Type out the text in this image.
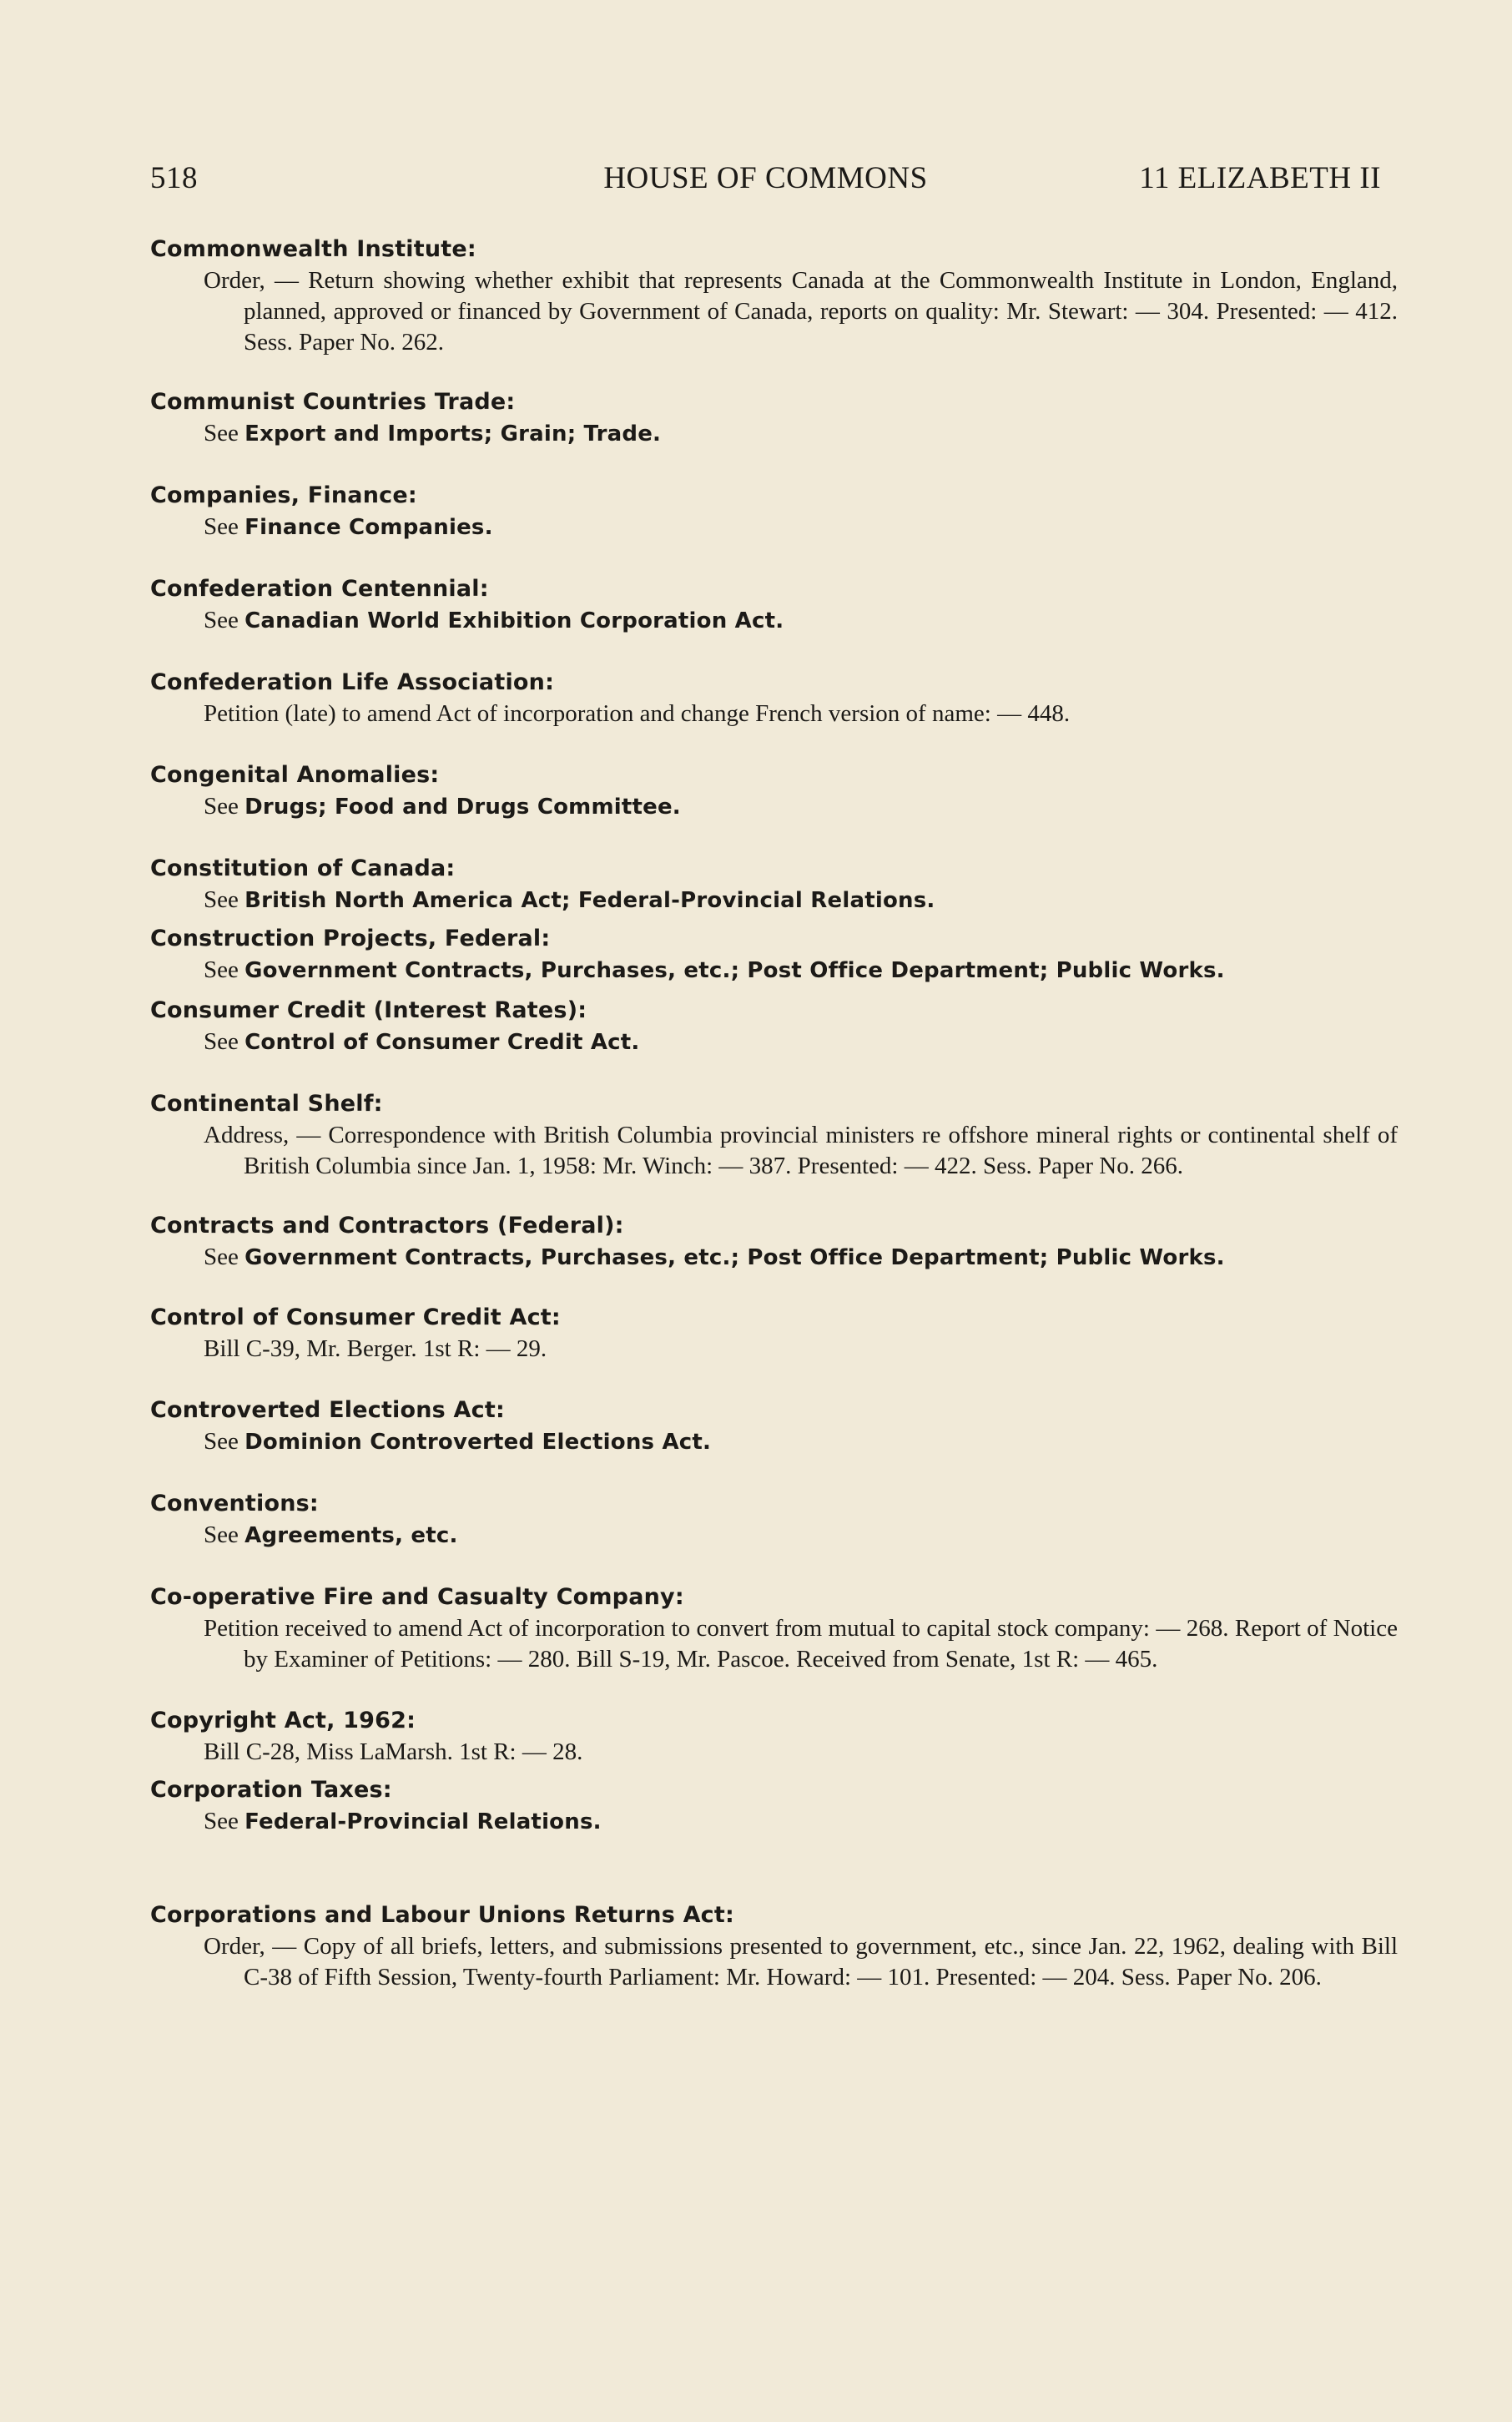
518	HOUSE OF COMMONS	11 ELIZABETH II
Commonwealth Institute:
Order, — Return showing whether exhibit that represents Canada at the Commonwealth Institute in London, England, planned, approved or financed by Government of Canada, reports on quality: Mr. Stewart: — 304. Presented: — 412. Sess. Paper No. 262.
Communist Countries Trade:
See Export and Imports; Grain; Trade.
Companies, Finance:
See Finance Companies.
Confederation Centennial:
See Canadian World Exhibition Corporation Act.
Confederation Life Association:
Petition (late) to amend Act of incorporation and change French version of name: — 448.
Congenital Anomalies:
See Drugs; Food and Drugs Committee.
Constitution of Canada:
See British North America Act; Federal-Provincial Relations.
Construction Projects, Federal:
See Government Contracts, Purchases, etc.; Post Office Department; Public Works.
Consumer Credit (Interest Rates):
See Control of Consumer Credit Act.
Continental Shelf:
Address, — Correspondence with British Columbia provincial ministers re offshore mineral rights or continental shelf of British Columbia since Jan. 1, 1958: Mr. Winch: — 387. Presented: — 422. Sess. Paper No. 266.
Contracts and Contractors (Federal):
See Government Contracts, Purchases, etc.; Post Office Department; Public Works.
Control of Consumer Credit Act:
Bill C-39, Mr. Berger. 1st R: — 29.
Controverted Elections Act:
See Dominion Controverted Elections Act.
Conventions:
See Agreements, etc.
Co-operative Fire and Casualty Company:
Petition received to amend Act of incorporation to convert from mutual to capital stock company: — 268. Report of Notice by Examiner of Petitions: — 280. Bill S-19, Mr. Pascoe. Received from Senate, 1st R: — 465.
Copyright Act, 1962:
Bill C-28, Miss LaMarsh. 1st R: — 28.
Corporation Taxes:
See Federal-Provincial Relations.
Corporations and Labour Unions Returns Act:
Order, — Copy of all briefs, letters, and submissions presented to government, etc., since Jan. 22, 1962, dealing with Bill C-38 of Fifth Session, Twenty-fourth Parliament: Mr. Howard: — 101. Presented: — 204. Sess. Paper No. 206.
